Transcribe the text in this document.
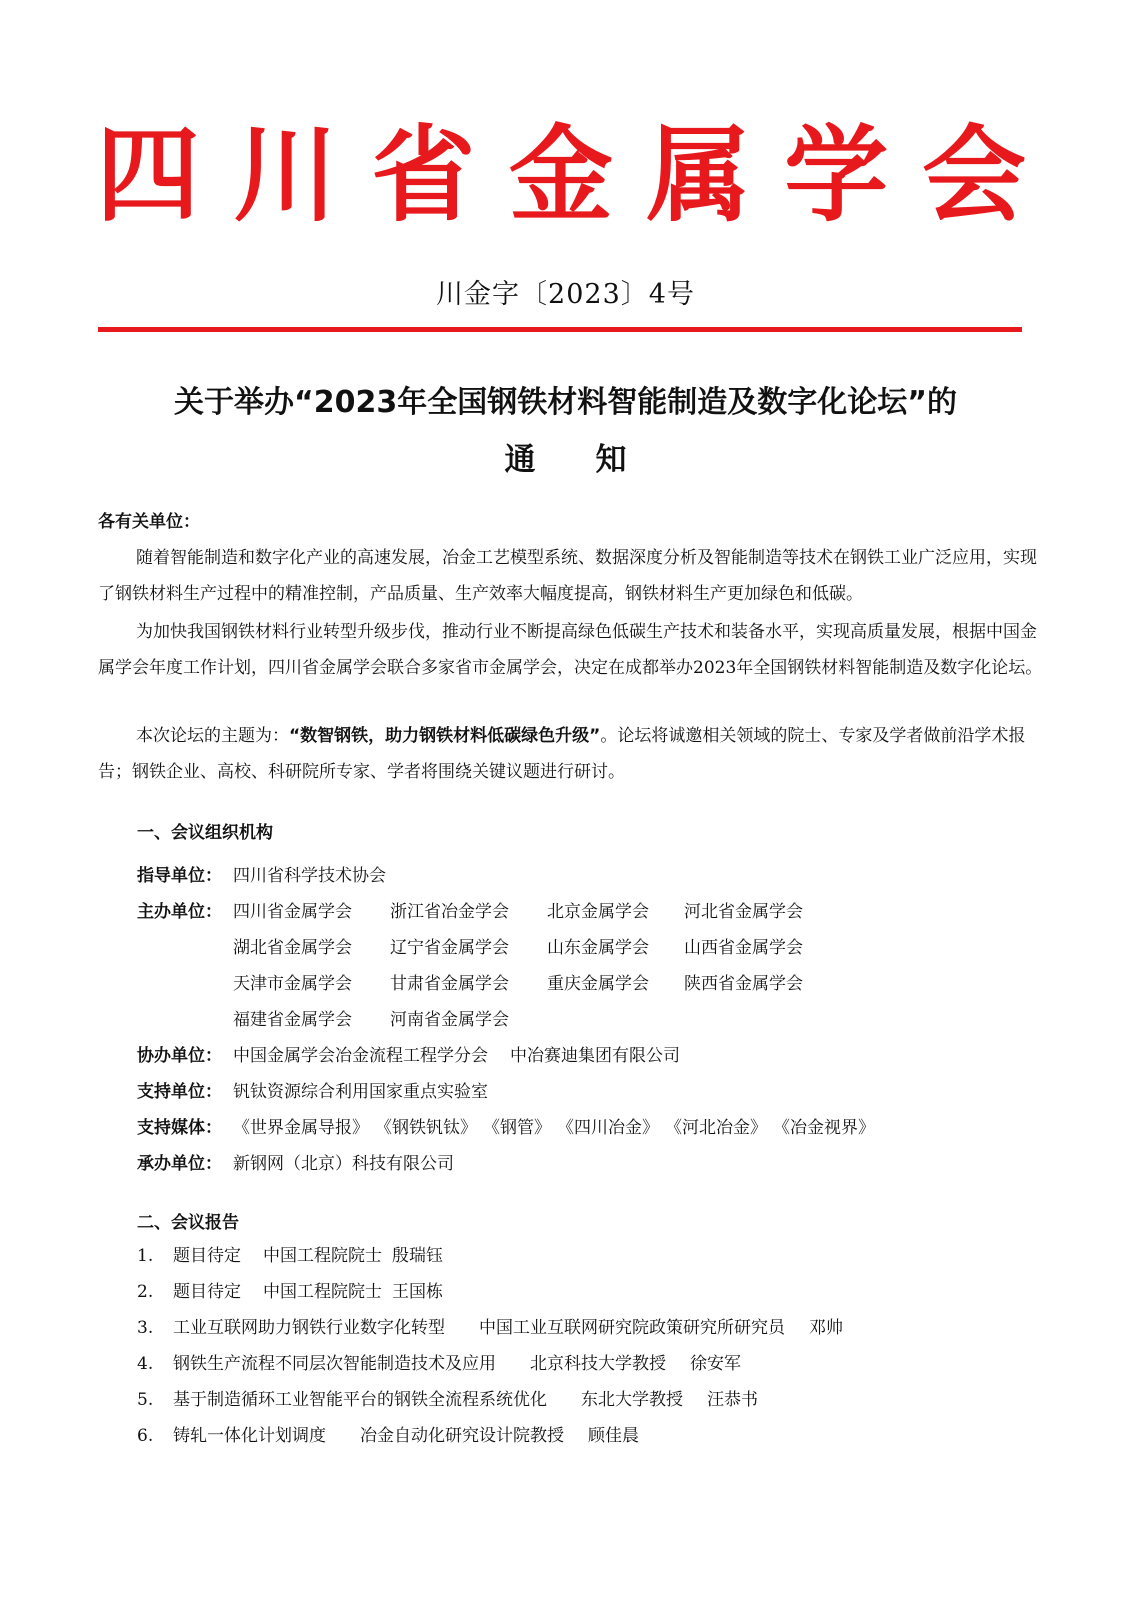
四 川 省 金 属 学 会
川金字〔2023〕4号
关于举办“2023年全国钢铁材料智能制造及数字化论坛”的
通知
各有关单位：

随着智能制造和数字化产业的高速发展，冶金工艺模型系统、数据深度分析及智能制造等技术在钢铁工业广泛应用，实现了钢铁材料生产过程中的精准控制，产品质量、生产效率大幅度提高，钢铁材料生产更加绿色和低碳。

为加快我国钢铁材料行业转型升级步伐，推动行业不断提高绿色低碳生产技术和装备水平，实现高质量发展，根据中国金属学会年度工作计划，四川省金属学会联合多家省市金属学会，决定在成都举办2023年全国钢铁材料智能制造及数字化论坛。

本次论坛的主题为：“数智钢铁，助力钢铁材料低碳绿色升级”。论坛将诚邀相关领域的院士、专家及学者做前沿学术报告；钢铁企业、高校、科研院所专家、学者将围绕关键议题进行研讨。

一、会议组织机构
指导单位： 四川省科学技术协会
主办单位： 四川省金属学会 浙江省冶金学会 北京金属学会 河北省金属学会
湖北省金属学会 辽宁省金属学会 山东金属学会 山西省金属学会
天津市金属学会 甘肃省金属学会 重庆金属学会 陕西省金属学会
福建省金属学会 河南省金属学会
协办单位： 中国金属学会冶金流程工程学分会 中冶赛迪集团有限公司
支持单位： 钒钛资源综合利用国家重点实验室
支持媒体： 《世界金属导报》 《钢铁钒钛》 《钢管》 《四川冶金》 《河北冶金》 《冶金视界》
承办单位： 新钢网（北京）科技有限公司
二、会议报告
1. 题目待定 中国工程院院士 殷瑞钰
2. 题目待定 中国工程院院士 王国栋
3. 工业互联网助力钢铁行业数字化转型 中国工业互联网研究院政策研究所研究员 邓帅
4. 钢铁生产流程不同层次智能制造技术及应用 北京科技大学教授 徐安军
5. 基于制造循环工业智能平台的钢铁全流程系统优化 东北大学教授 汪恭书
6. 铸轧一体化计划调度 冶金自动化研究设计院教授 顾佳晨
